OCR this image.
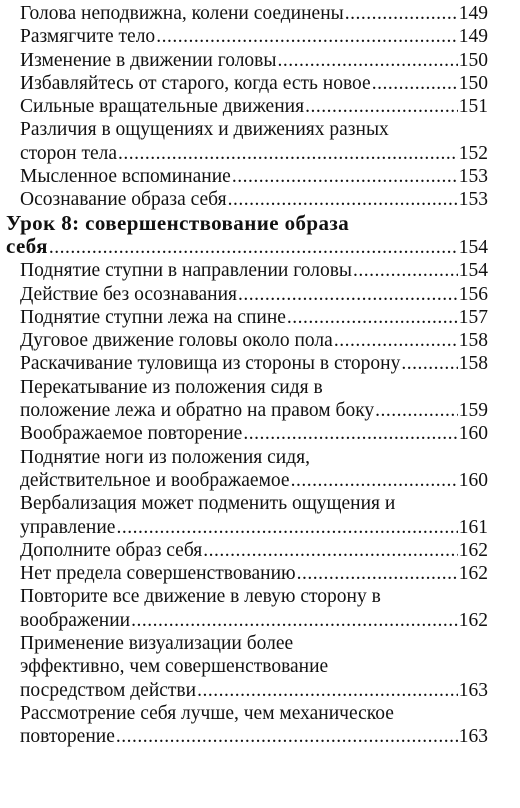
Голова неподвижна, колени соединены .....	149
Размягчите тело .....	149
Изменение в движении головы .....	150
Избавляйтесь от старого, когда есть новое .....	150
Сильные вращательные движения .....	151
Различия в ощущениях и движениях разных
сторон тела .....	152
Мысленное вспоминание .....	153
Осознавание образа себя .....	153
Урок 8: совершенствование образа
себя .....	154
Поднятие ступни в направлении головы .....	154
Действие без осознавания .....	156
Поднятие ступни лежа на спине .....	157
Дуговое движение головы около пола .....	158
Раскачивание туловища из стороны в сторону .....	158
Перекатывание из положения сидя в
положение лежа и обратно на правом боку .....	159
Воображаемое повторение .....	160
Поднятие ноги из положения сидя,
действительное и воображаемое .....	160
Вербализация может подменить ощущения и
управление .....	161
Дополните образ себя .....	162
Нет предела совершенствованию .....	162
Повторите все движение в левую сторону в
воображении .....	162
Применение визуализации более
эффективно, чем совершенствование
посредством действи .....	163
Рассмотрение себя лучше, чем механическое
повторение .....	163
